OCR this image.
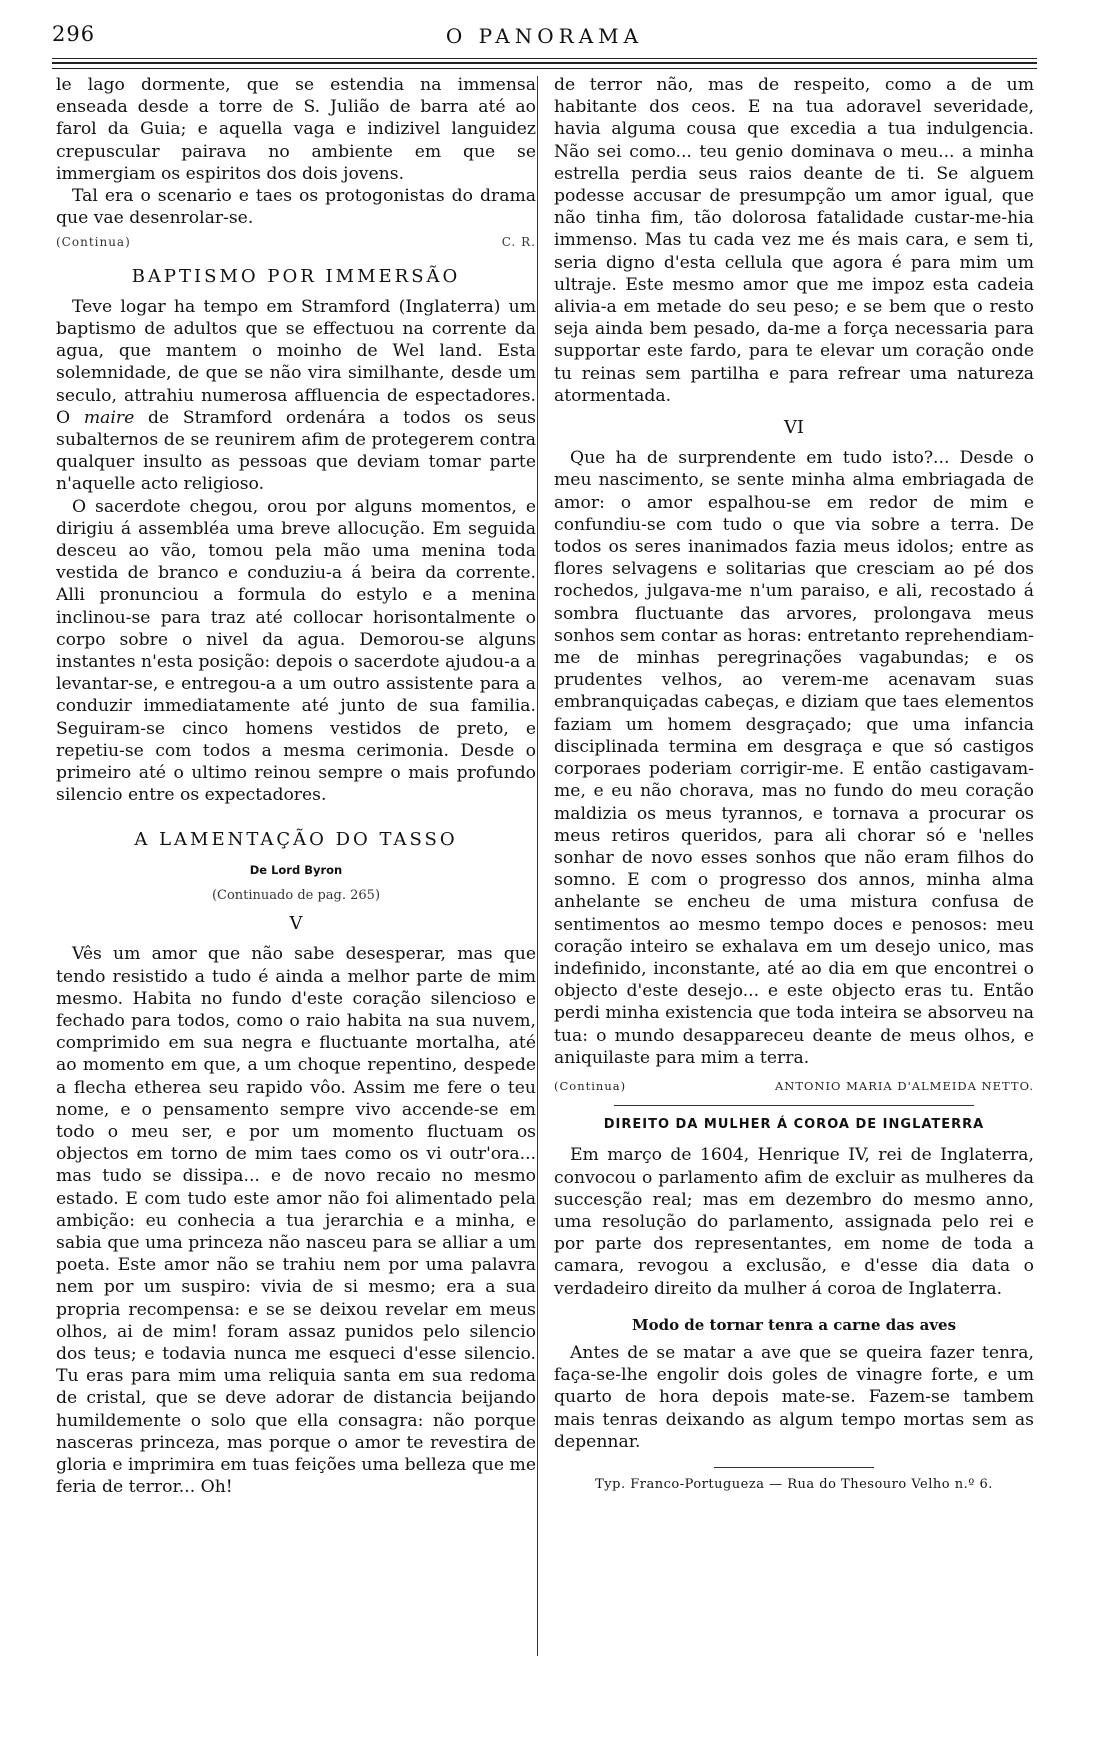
296	O PANORAMA

le lago dormente, que se estendia na immensa enseada desde a torre de S. Julião de barra até ao farol da Guia; e aquella vaga e indizivel languidez crepuscular pairava no ambiente em que se immergiam os espiritos dos dois jovens.

Tal era o scenario e taes os protogonistas do drama que vae desenrolar-se.

(Continua)	C. R.
BAPTISMO POR IMMERSÃO

Teve logar ha tempo em Stramford (Inglaterra) um baptismo de adultos que se effectuou na corrente da agua, que mantem o moinho de Wel land. Esta solemnidade, de que se não vira similhante, desde um seculo, attrahiu numerosa affluencia de espectadores. O maire de Stramford ordenára a todos os seus subalternos de se reunirem afim de protegerem contra qualquer insulto as pessoas que deviam tomar parte n'aquelle acto religioso.

O sacerdote chegou, orou por alguns momentos, e dirigiu á assembléa uma breve allocução. Em seguida desceu ao vão, tomou pela mão uma menina toda vestida de branco e conduziu-a á beira da corrente. Alli pronunciou a formula do estylo e a menina inclinou-se para traz até collocar horisontalmente o corpo sobre o nivel da agua. Demorou-se alguns instantes n'esta posição: depois o sacerdote ajudou-a a levantar-se, e entregou-a a um outro assistente para a conduzir immediatamente até junto de sua familia. Seguiram-se cinco homens vestidos de preto, e repetiu-se com todos a mesma cerimonia. Desde o primeiro até o ultimo reinou sempre o mais profundo silencio entre os expectadores.

A LAMENTAÇÃO DO TASSO
De Lord Byron
(Continuado de pag. 265)
V

Vês um amor que não sabe desesperar, mas que tendo resistido a tudo é ainda a melhor parte de mim mesmo. Habita no fundo d'este coração silencioso e fechado para todos, como o raio habita na sua nuvem, comprimido em sua negra e fluctuante mortalha, até ao momento em que, a um choque repentino, despede a flecha etherea seu rapido vôo. Assim me fere o teu nome, e o pensamento sempre vivo accende-se em todo o meu ser, e por um momento fluctuam os objectos em torno de mim taes como os vi outr'ora... mas tudo se dissipa... e de novo recaio no mesmo estado. E com tudo este amor não foi alimentado pela ambição: eu conhecia a tua jerarchia e a minha, e sabia que uma princeza não nasceu para se alliar a um poeta. Este amor não se trahiu nem por uma palavra nem por um suspiro: vivia de si mesmo; era a sua propria recompensa: e se se deixou revelar em meus olhos, ai de mim! foram assaz punidos pelo silencio dos teus; e todavia nunca me esqueci d'esse silencio. Tu eras para mim uma reliquia santa em sua redoma de cristal, que se deve adorar de distancia beijando humildemente o solo que ella consagra: não porque nasceras princeza, mas porque o amor te revestira de gloria e imprimira em tuas feições uma belleza que me feria de terror... Oh!

de terror não, mas de respeito, como a de um habitante dos ceos. E na tua adoravel severidade, havia alguma cousa que excedia a tua indulgencia. Não sei como... teu genio dominava o meu... a minha estrella perdia seus raios deante de ti. Se alguem podesse accusar de presumpção um amor igual, que não tinha fim, tão dolorosa fatalidade custar-me-hia immenso. Mas tu cada vez me és mais cara, e sem ti, seria digno d'esta cellula que agora é para mim um ultraje. Este mesmo amor que me impoz esta cadeia alivia-a em metade do seu peso; e se bem que o resto seja ainda bem pesado, da-me a força necessaria para supportar este fardo, para te elevar um coração onde tu reinas sem partilha e para refrear uma natureza atormentada.

VI

Que ha de surprendente em tudo isto?... Desde o meu nascimento, se sente minha alma embriagada de amor: o amor espalhou-se em redor de mim e confundiu-se com tudo o que via sobre a terra. De todos os seres inanimados fazia meus idolos; entre as flores selvagens e solitarias que cresciam ao pé dos rochedos, julgava-me n'um paraiso, e ali, recostado á sombra fluctuante das arvores, prolongava meus sonhos sem contar as horas: entretanto reprehendiam-me de minhas peregrinações vagabundas; e os prudentes velhos, ao verem-me acenavam suas embranquiçadas cabeças, e diziam que taes elementos faziam um homem desgraçado; que uma infancia disciplinada termina em desgraça e que só castigos corporaes poderiam corrigir-me. E então castigavam-me, e eu não chorava, mas no fundo do meu coração maldizia os meus tyrannos, e tornava a procurar os meus retiros queridos, para ali chorar só e 'nelles sonhar de novo esses sonhos que não eram filhos do somno. E com o progresso dos annos, minha alma anhelante se encheu de uma mistura confusa de sentimentos ao mesmo tempo doces e penosos: meu coração inteiro se exhalava em um desejo unico, mas indefinido, inconstante, até ao dia em que encontrei o objecto d'este desejo... e este objecto eras tu. Então perdi minha existencia que toda inteira se absorveu na tua: o mundo desappareceu deante de meus olhos, e aniquilaste para mim a terra.

(Continua)	ANTONIO MARIA D'ALMEIDA NETTO.
DIREITO DA MULHER Á COROA DE INGLATERRA

Em março de 1604, Henrique IV, rei de Inglaterra, convocou o parlamento afim de excluir as mulheres da succesção real; mas em dezembro do mesmo anno, uma resolução do parlamento, assignada pelo rei e por parte dos representantes, em nome de toda a camara, revogou a exclusão, e d'esse dia data o verdadeiro direito da mulher á coroa de Inglaterra.

Modo de tornar tenra a carne das aves

Antes de se matar a ave que se queira fazer tenra, faça-se-lhe engolir dois goles de vinagre forte, e um quarto de hora depois mate-se. Fazem-se tambem mais tenras deixando as algum tempo mortas sem as depennar.

Typ. Franco-Portugueza — Rua do Thesouro Velho n.º 6.
